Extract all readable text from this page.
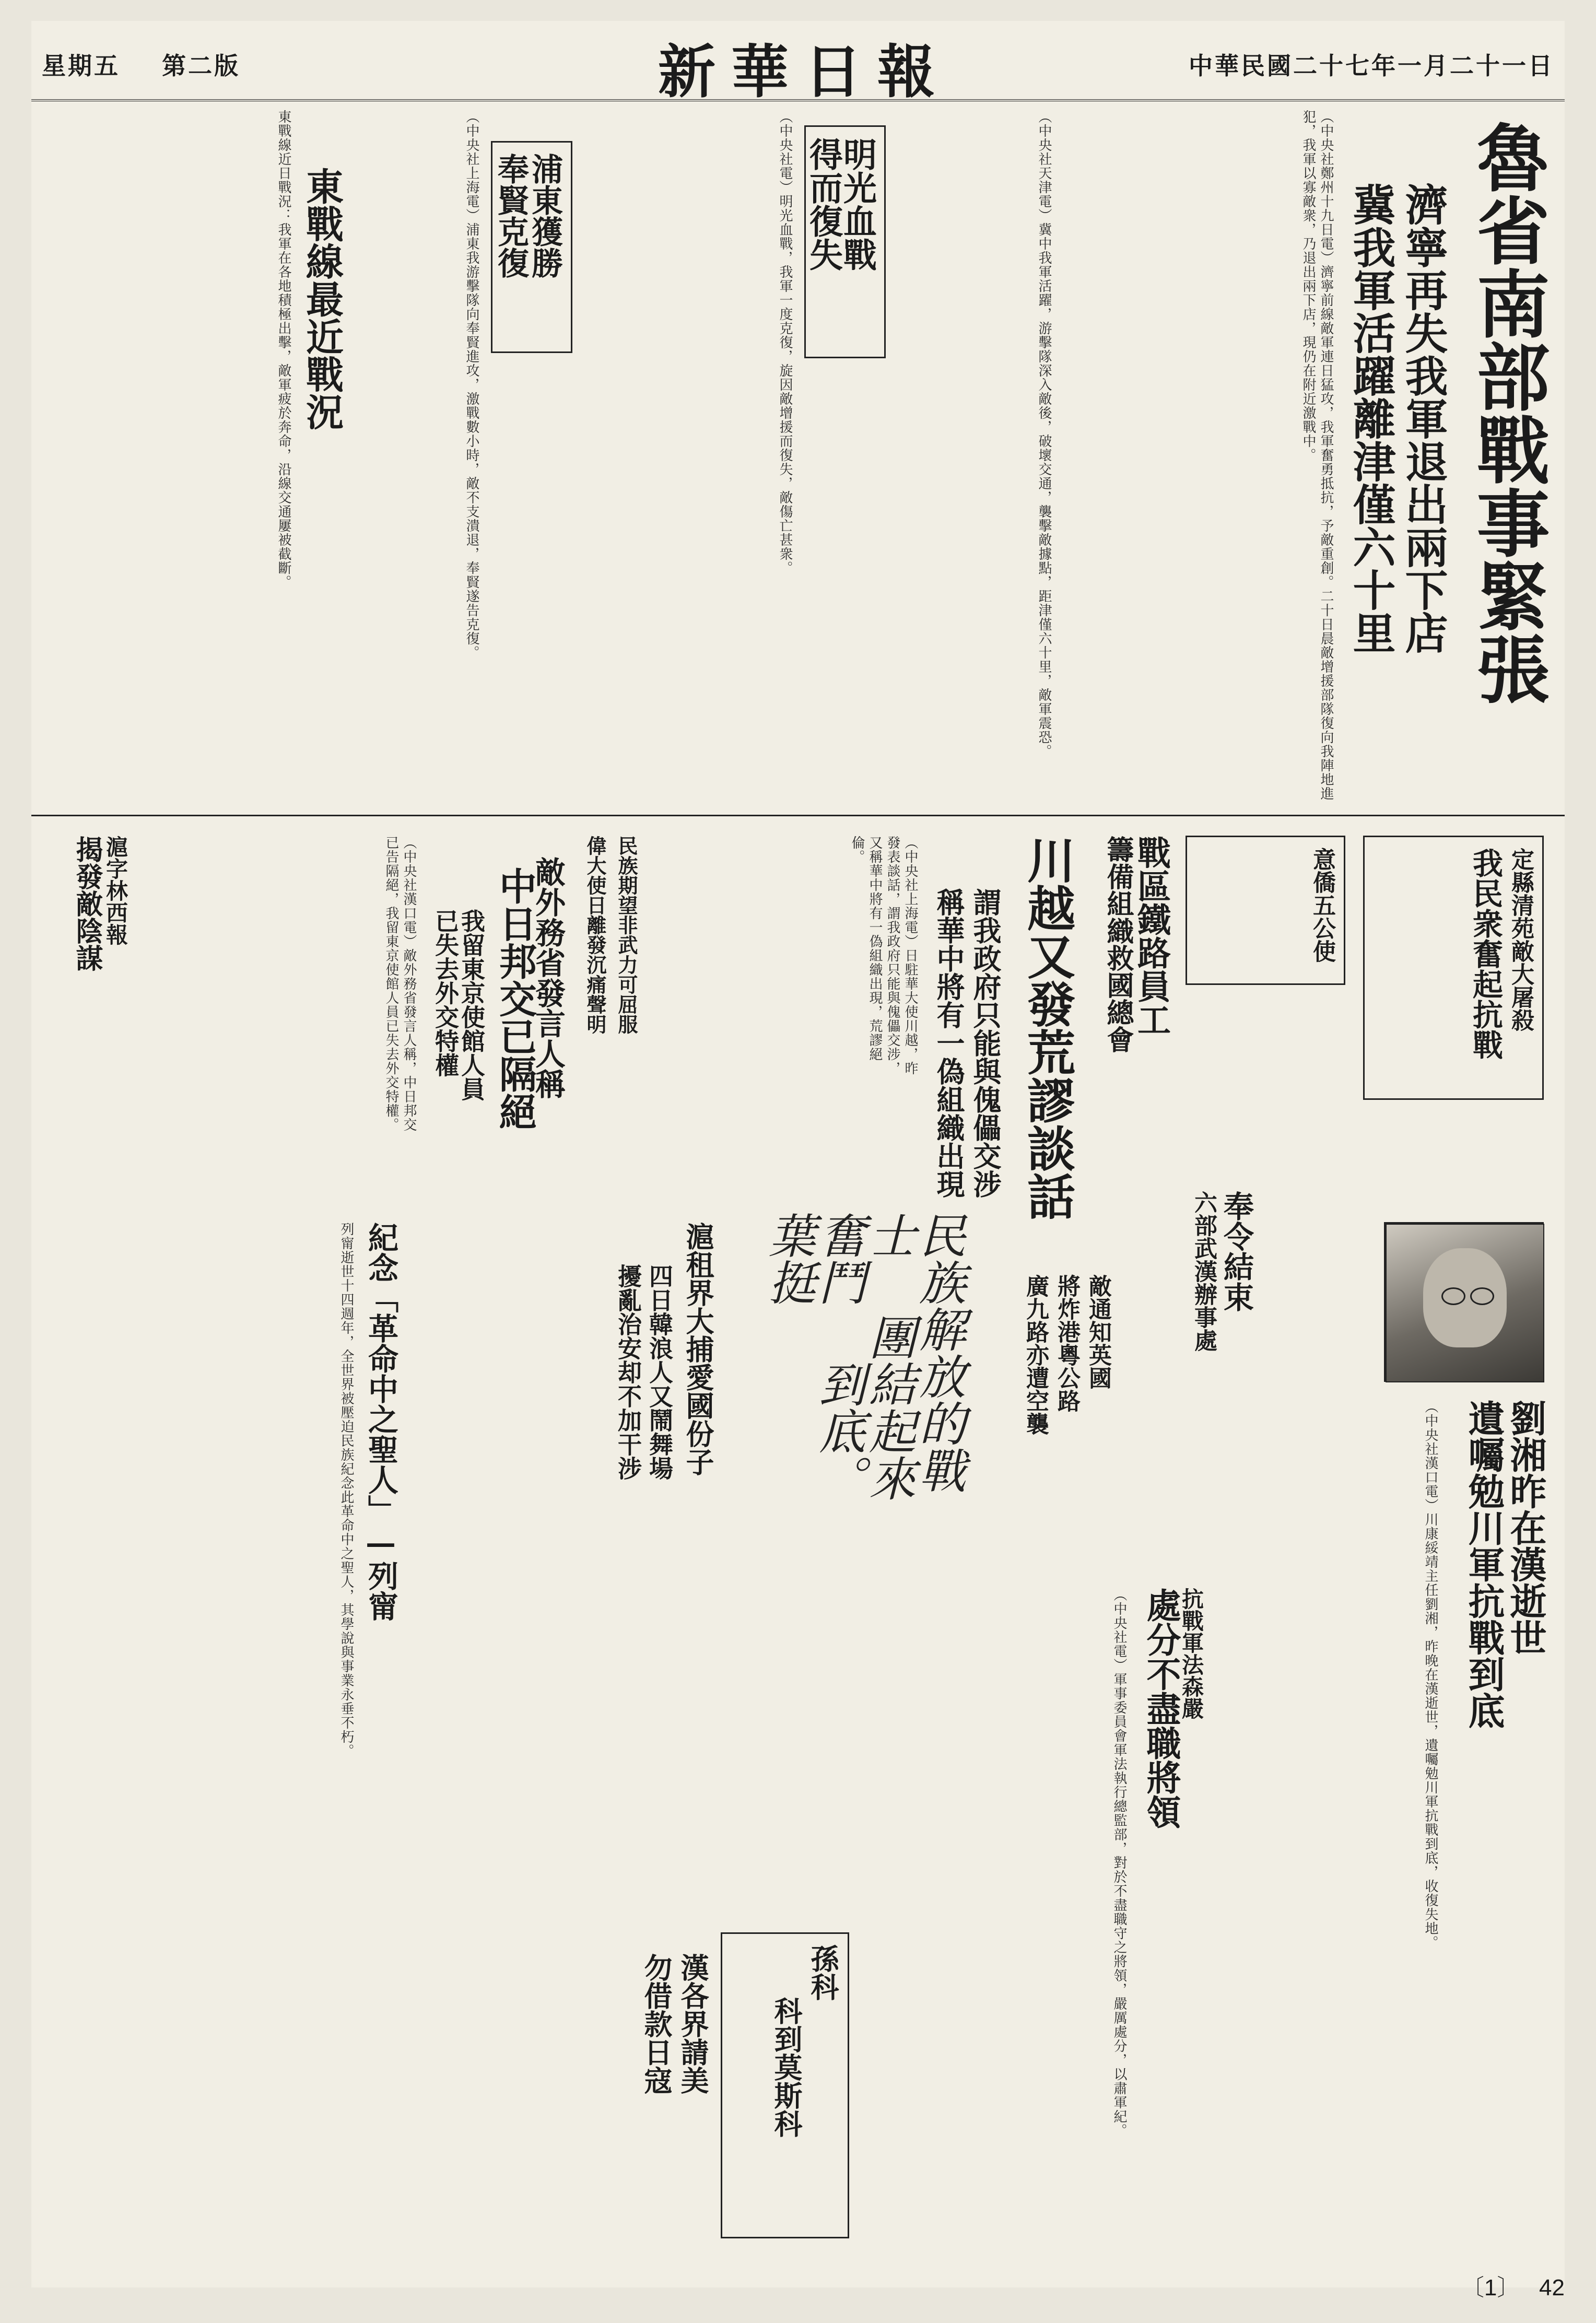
中華民國二十七年一月二十一日
新華日報
星期五 第二版
魯省南部戰事緊張
濟寧再失我軍退出兩下店
冀我軍活躍離津僅六十里
（中央社鄭州十九日電）濟寧前線敵軍連日猛攻，我軍奮勇抵抗，予敵重創。二十日晨敵增援部隊復向我陣地進犯，我軍以寡敵衆，乃退出兩下店，現仍在附近激戰中。
（中央社天津電）冀中我軍活躍，游擊隊深入敵後，破壞交通，襲擊敵據點，距津僅六十里，敵軍震恐。
明光血戰
得而復失
（中央社電）明光血戰，我軍一度克復，旋因敵增援而復失，敵傷亡甚衆。
浦東獲勝
奉賢克復
（中央社上海電）浦東我游擊隊向奉賢進攻，激戰數小時，敵不支潰退，奉賢遂告克復。
東戰線最近戰況
東戰線近日戰況：我軍在各地積極出擊，敵軍疲於奔命，沿線交通屢被截斷。
定縣清苑敵大屠殺
我民衆奮起抗戰
意僑五公使
戰區鐵路員工
籌備組織救國總會
川越又發荒謬談話
謂我政府只能與傀儡交涉
稱華中將有一偽組織出現
（中央社上海電）日駐華大使川越，昨發表談話，謂我政府只能與傀儡交涉，又稱華中將有一偽組織出現，荒謬絕倫。
民族期望非武力可屈服
偉大使日離發沉痛聲明
敵外務省發言人稱
中日邦交已隔絕
我留東京使館人員
已失去外交特權
（中央社漢口電）敵外務省發言人稱，中日邦交已告隔絕，我留東京使館人員已失去外交特權。
滬字林西報
揭發敵陰謀
劉湘昨在漢逝世
遺囑勉川軍抗戰到底
（中央社漢口電）川康綏靖主任劉湘，昨晚在漢逝世，遺囑勉川軍抗戰到底，收復失地。
奉令結束
六部武漢辦事處
敵通知英國
將炸港粵公路
廣九路亦遭空襲
民族解放的戰士 團結起來奮鬥 到底。 葉挺
滬租界大捕愛國份子
四日韓浪人又鬧舞場
擾亂治安却不加干涉
紀念「革命中之聖人」—列甯
列甯逝世十四週年，全世界被壓迫民族紀念此革命中之聖人，其學說與事業永垂不朽。	抗戰軍法森嚴
處分不盡職將領
（中央社電）軍事委員會軍法執行總監部，對於不盡職守之將領，嚴厲處分，以肅軍紀。
孫科
科到莫斯科
漢各界請美
勿借款日寇
〔1〕 42
